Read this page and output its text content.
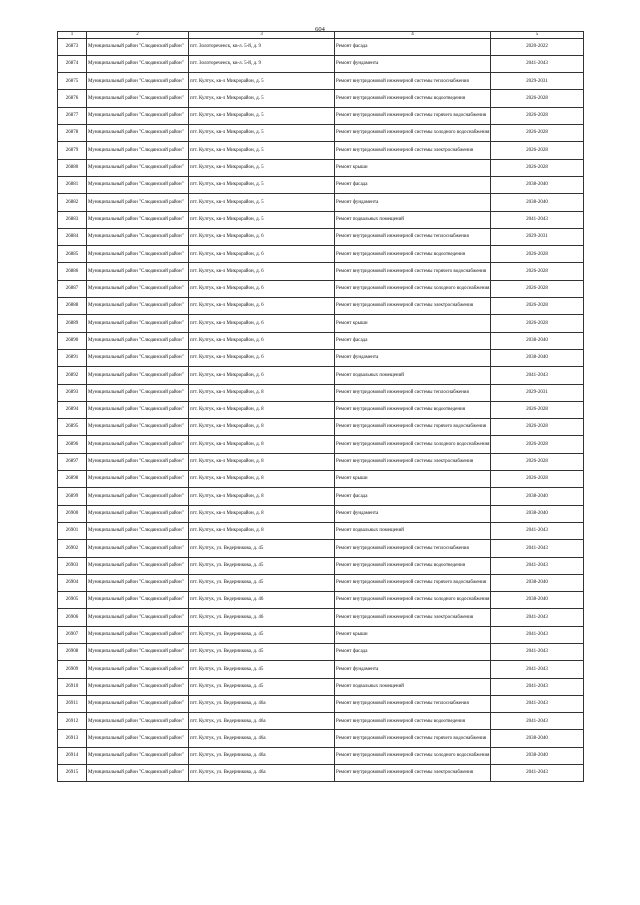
604
1	2	3	4	5
26873	Муниципальный район "Слюдянский район"	пгт. Золотореченск, кв-л. 5-й, д. 9	Ремонт фасада	2020-2022
26874	Муниципальный район "Слюдянский район"	пгт. Золотореченск, кв-л. 5-й, д. 9	Ремонт фундамента	2041-2043
26875	Муниципальный район "Слюдянский район"	пгт. Култук, кв-л Микрорайон, д. 5	Ремонт внутридомовой инженерной системы теплоснабжения	2029-2031
26876	Муниципальный район "Слюдянский район"	пгт. Култук, кв-л Микрорайон, д. 5	Ремонт внутридомовой инженерной системы водоотведения	2026-2028
26877	Муниципальный район "Слюдянский район"	пгт. Култук, кв-л Микрорайон, д. 5	Ремонт внутридомовой инженерной системы горячего водоснабжения	2026-2028
26878	Муниципальный район "Слюдянский район"	пгт. Култук, кв-л Микрорайон, д. 5	Ремонт внутридомовой инженерной системы холодного водоснабжения	2026-2028
26879	Муниципальный район "Слюдянский район"	пгт. Култук, кв-л Микрорайон, д. 5	Ремонт внутридомовой инженерной системы электроснабжения	2026-2028
26880	Муниципальный район "Слюдянский район"	пгт. Култук, кв-л Микрорайон, д. 5	Ремонт крыши	2026-2028
26881	Муниципальный район "Слюдянский район"	пгт. Култук, кв-л Микрорайон, д. 5	Ремонт фасада	2038-2040
26882	Муниципальный район "Слюдянский район"	пгт. Култук, кв-л Микрорайон, д. 5	Ремонт фундамента	2038-2040
26883	Муниципальный район "Слюдянский район"	пгт. Култук, кв-л Микрорайон, д. 5	Ремонт подвальных помещений	2041-2043
26884	Муниципальный район "Слюдянский район"	пгт. Култук, кв-л Микрорайон, д. 6	Ремонт внутридомовой инженерной системы теплоснабжения	2029-2031
26885	Муниципальный район "Слюдянский район"	пгт. Култук, кв-л Микрорайон, д. 6	Ремонт внутридомовой инженерной системы водоотведения	2026-2028
26886	Муниципальный район "Слюдянский район"	пгт. Култук, кв-л Микрорайон, д. 6	Ремонт внутридомовой инженерной системы горячего водоснабжения	2026-2028
26887	Муниципальный район "Слюдянский район"	пгт. Култук, кв-л Микрорайон, д. 6	Ремонт внутридомовой инженерной системы холодного водоснабжения	2026-2028
26888	Муниципальный район "Слюдянский район"	пгт. Култук, кв-л Микрорайон, д. 6	Ремонт внутридомовой инженерной системы электроснабжения	2026-2028
26889	Муниципальный район "Слюдянский район"	пгт. Култук, кв-л Микрорайон, д. 6	Ремонт крыши	2026-2028
26890	Муниципальный район "Слюдянский район"	пгт. Култук, кв-л Микрорайон, д. 6	Ремонт фасада	2038-2040
26891	Муниципальный район "Слюдянский район"	пгт. Култук, кв-л Микрорайон, д. 6	Ремонт фундамента	2038-2040
26892	Муниципальный район "Слюдянский район"	пгт. Култук, кв-л Микрорайон, д. 6	Ремонт подвальных помещений	2041-2043
26893	Муниципальный район "Слюдянский район"	пгт. Култук, кв-л Микрорайон, д. 8	Ремонт внутридомовой инженерной системы теплоснабжения	2029-2031
26894	Муниципальный район "Слюдянский район"	пгт. Култук, кв-л Микрорайон, д. 8	Ремонт внутридомовой инженерной системы водоотведения	2026-2028
26895	Муниципальный район "Слюдянский район"	пгт. Култук, кв-л Микрорайон, д. 8	Ремонт внутридомовой инженерной системы горячего водоснабжения	2026-2028
26896	Муниципальный район "Слюдянский район"	пгт. Култук, кв-л Микрорайон, д. 8	Ремонт внутридомовой инженерной системы холодного водоснабжения	2026-2028
26897	Муниципальный район "Слюдянский район"	пгт. Култук, кв-л Микрорайон, д. 8	Ремонт внутридомовой инженерной системы электроснабжения	2026-2028
26898	Муниципальный район "Слюдянский район"	пгт. Култук, кв-л Микрорайон, д. 8	Ремонт крыши	2026-2028
26899	Муниципальный район "Слюдянский район"	пгт. Култук, кв-л Микрорайон, д. 8	Ремонт фасада	2038-2040
26900	Муниципальный район "Слюдянский район"	пгт. Култук, кв-л Микрорайон, д. 8	Ремонт фундамента	2038-2040
26901	Муниципальный район "Слюдянский район"	пгт. Култук, кв-л Микрорайон, д. 8	Ремонт подвальных помещений	2041-2043
26902	Муниципальный район "Слюдянский район"	пгт. Култук, ул. Ведерникова, д. 45	Ремонт внутридомовой инженерной системы теплоснабжения	2041-2043
26903	Муниципальный район "Слюдянский район"	пгт. Култук, ул. Ведерникова, д. 45	Ремонт внутридомовой инженерной системы водоотведения	2041-2043
26904	Муниципальный район "Слюдянский район"	пгт. Култук, ул. Ведерникова, д. 45	Ремонт внутридомовой инженерной системы горячего водоснабжения	2038-2040
26905	Муниципальный район "Слюдянский район"	пгт. Култук, ул. Ведерникова, д. 46	Ремонт внутридомовой инженерной системы холодного водоснабжения	2038-2040
26906	Муниципальный район "Слюдянский район"	пгт. Култук, ул. Ведерникова, д. 46	Ремонт внутридомовой инженерной системы электроснабжения	2041-2043
26907	Муниципальный район "Слюдянский район"	пгт. Култук, ул. Ведерникова, д. 45	Ремонт крыши	2041-2043
26908	Муниципальный район "Слюдянский район"	пгт. Култук, ул. Ведерникова, д. 45	Ремонт фасада	2041-2043
26909	Муниципальный район "Слюдянский район"	пгт. Култук, ул. Ведерникова, д. 45	Ремонт фундамента	2041-2043
26910	Муниципальный район "Слюдянский район"	пгт. Култук, ул. Ведерникова, д. 45	Ремонт подвальных помещений	2041-2043
26911	Муниципальный район "Слюдянский район"	пгт. Култук, ул. Ведерникова, д. 46а	Ремонт внутридомовой инженерной системы теплоснабжения	2041-2043
26912	Муниципальный район "Слюдянский район"	пгт. Култук, ул. Ведерникова, д. 46а	Ремонт внутридомовой инженерной системы водоотведения	2041-2043
26913	Муниципальный район "Слюдянский район"	пгт. Култук, ул. Ведерникова, д. 46а	Ремонт внутридомовой инженерной системы горячего водоснабжения	2038-2040
26914	Муниципальный район "Слюдянский район"	пгт. Култук, ул. Ведерникова, д. 46а	Ремонт внутридомовой инженерной системы холодного водоснабжения	2038-2040
26915	Муниципальный район "Слюдянский район"	пгт. Култук, ул. Ведерникова, д. 46а	Ремонт внутридомовой инженерной системы электроснабжения	2041-2043
